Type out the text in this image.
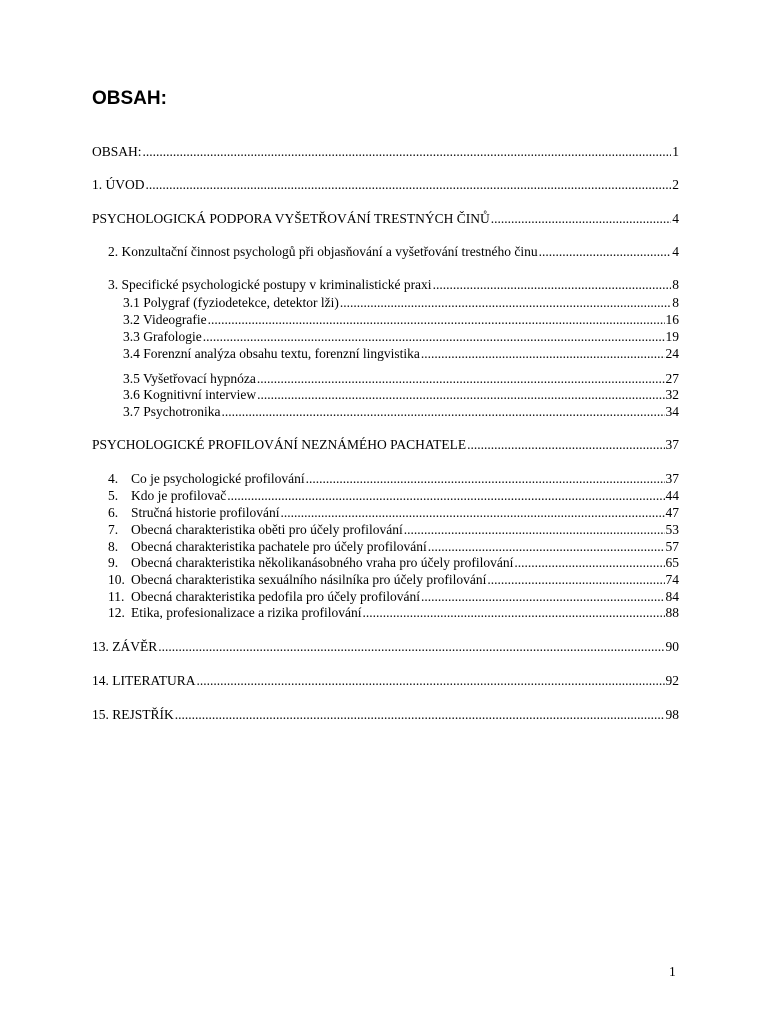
OBSAH:
OBSAH: .....	1
1. ÚVOD .....	2
PSYCHOLOGICKÁ PODPORA VYŠETŘOVÁNÍ TRESTNÝCH ČINŮ .....	4
2. Konzultační činnost psychologů při objasňování a vyšetřování trestného činu .....	4
3. Specifické psychologické postupy v kriminalistické praxi .....	8
3.1 Polygraf (fyziodetekce, detektor lži) .....	8
3.2 Videografie .....	16
3.3 Grafologie .....	19
3.4 Forenzní analýza obsahu textu, forenzní lingvistika .....	24
3.5 Vyšetřovací hypnóza .....	27
3.6 Kognitivní interview .....	32
3.7 Psychotronika .....	34
PSYCHOLOGICKÉ PROFILOVÁNÍ NEZNÁMÉHO PACHATELE .....	37
4. Co je psychologické profilování .....	37
5. Kdo je profilovač .....	44
6. Stručná historie profilování .....	47
7. Obecná charakteristika oběti pro účely profilování .....	53
8. Obecná charakteristika pachatele pro účely profilování .....	57
9. Obecná charakteristika několikanásobného vraha pro účely profilování .....	65
10. Obecná charakteristika sexuálního násilníka pro účely profilování .....	74
11. Obecná charakteristika pedofila pro účely profilování .....	84
12. Etika, profesionalizace a rizika profilování .....	88
13. ZÁVĚR .....	90
14. LITERATURA .....	92
15. REJSTŘÍK .....	98
1
